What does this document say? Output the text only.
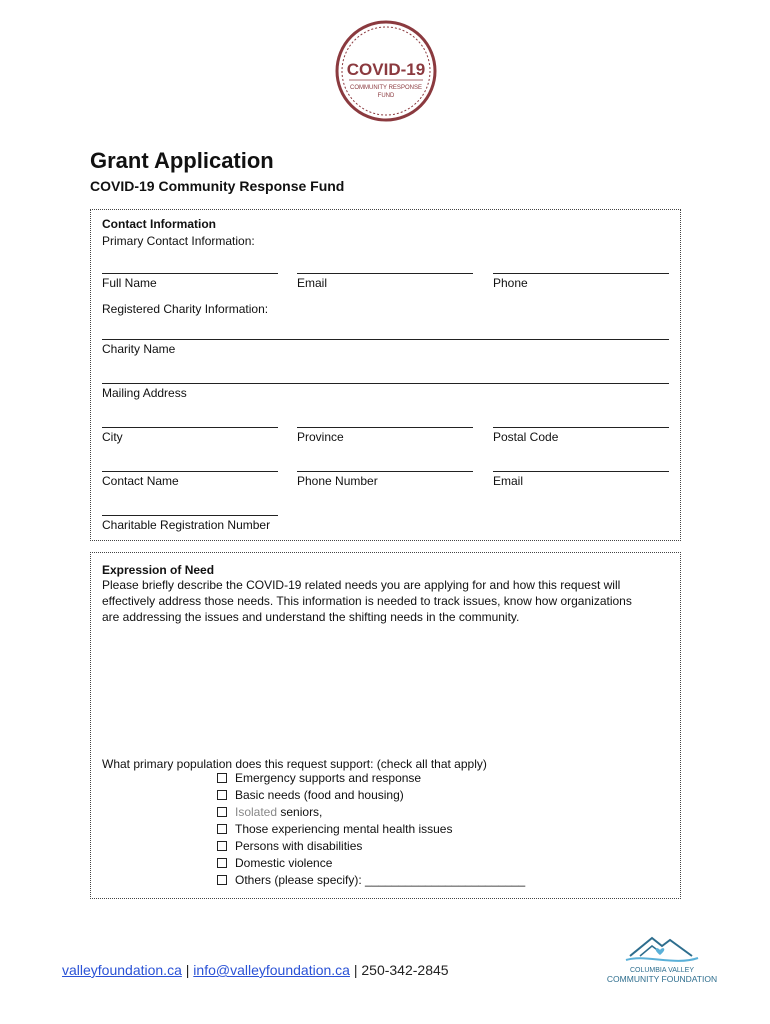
COVID-19
COMMUNITY RESPONSE
FUND
Grant Application
COVID-19 Community Response Fund
Contact Information
Primary Contact Information:
Full Name	Email	Phone
Registered Charity Information:
Charity Name
Mailing Address
City	Province	Postal Code
Contact Name	Phone Number	Email
Charitable Registration Number
Expression of Need
Please briefly describe the COVID-19 related needs you are applying for and how this request will
effectively address those needs. This information is needed to track issues, know how organizations
are addressing the issues and understand the shifting needs in the community.
What primary population does this request support: (check all that apply)
Emergency supports and response
Basic needs (food and housing)
Isolated seniors,
Those experiencing mental health issues
Persons with disabilities
Domestic violence
Others (please specify): ________________________
valleyfoundation.ca | info@valleyfoundation.ca | 250-342-2845	COLUMBIA VALLEY
COMMUNITY FOUNDATION
